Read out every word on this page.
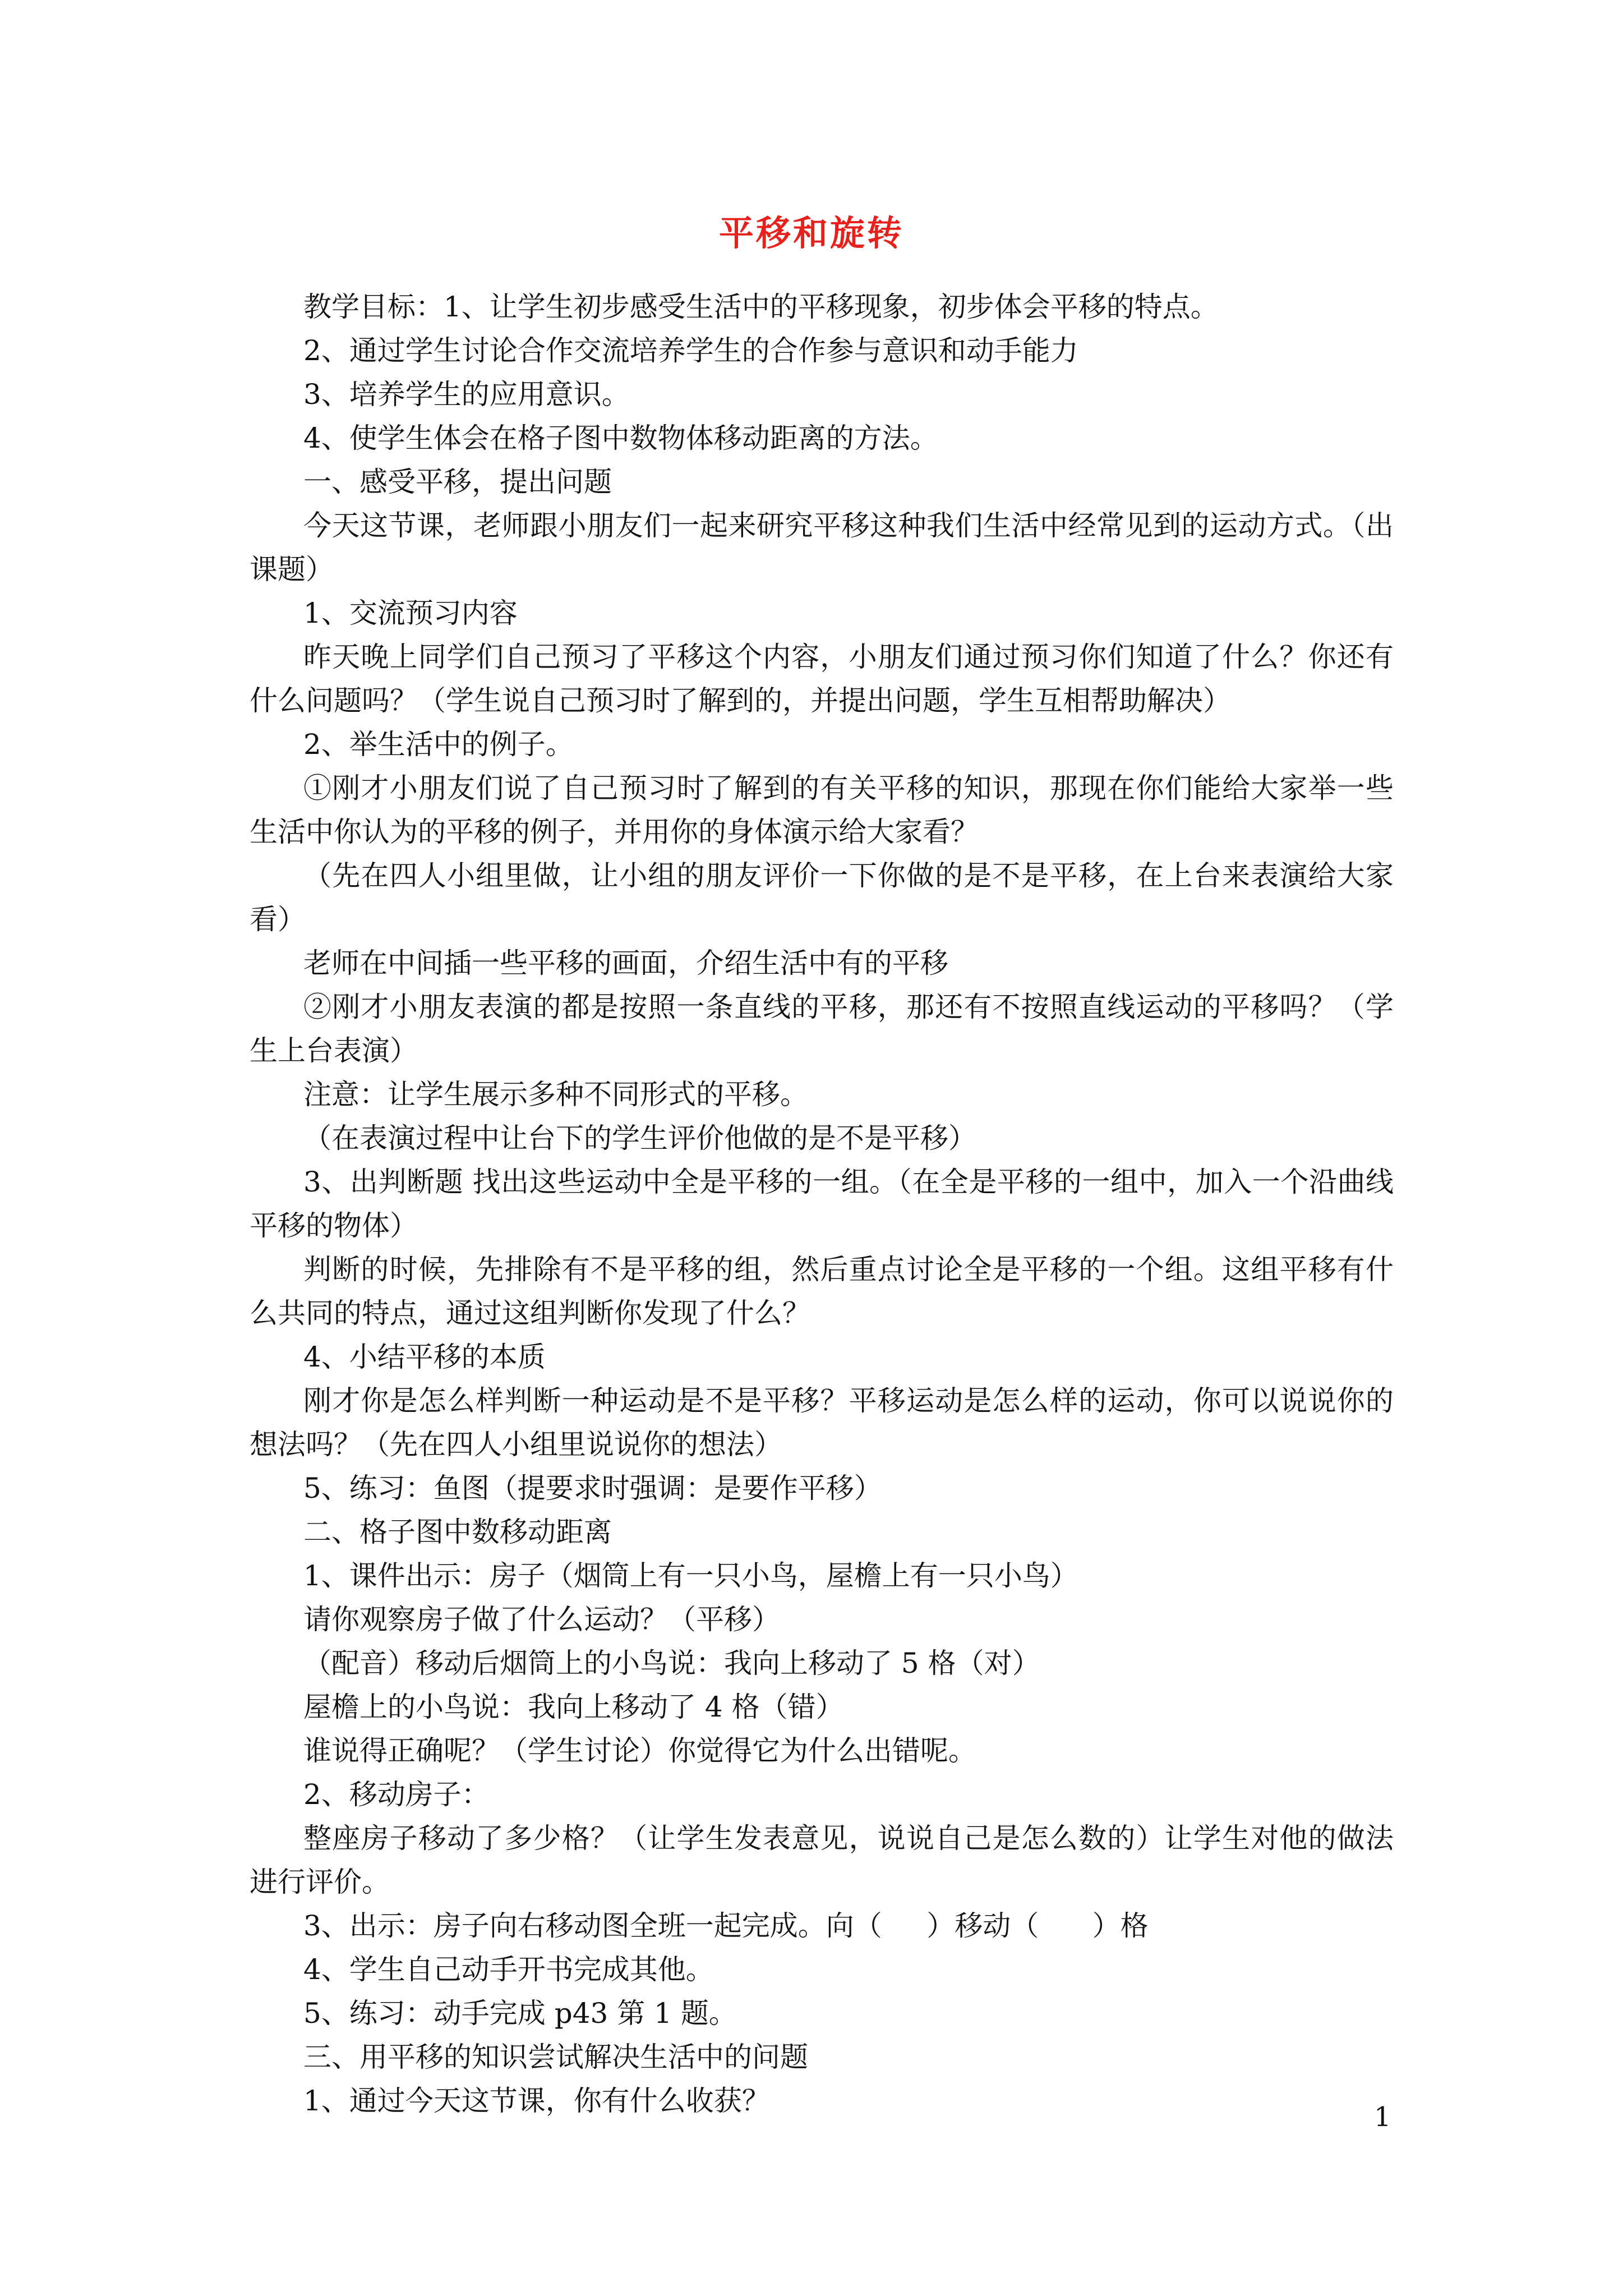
平移和旋转

教学目标：1、让学生初步感受生活中的平移现象，初步体会平移的特点。

2、通过学生讨论合作交流培养学生的合作参与意识和动手能力

3、培养学生的应用意识。

4、使学生体会在格子图中数物体移动距离的方法。

一、感受平移，提出问题

今天这节课，老师跟小朋友们一起来研究平移这种我们生活中经常见到的运动方式。（出课题）

1、交流预习内容

昨天晚上同学们自己预习了平移这个内容，小朋友们通过预习你们知道了什么？你还有什么问题吗？（学生说自己预习时了解到的，并提出问题，学生互相帮助解决）

2、举生活中的例子。

①刚才小朋友们说了自己预习时了解到的有关平移的知识，那现在你们能给大家举一些生活中你认为的平移的例子，并用你的身体演示给大家看？

（先在四人小组里做，让小组的朋友评价一下你做的是不是平移，在上台来表演给大家看）

老师在中间插一些平移的画面，介绍生活中有的平移

②刚才小朋友表演的都是按照一条直线的平移，那还有不按照直线运动的平移吗？（学生上台表演）

注意：让学生展示多种不同形式的平移。

（在表演过程中让台下的学生评价他做的是不是平移）

3、出判断题 找出这些运动中全是平移的一组。（在全是平移的一组中，加入一个沿曲线平移的物体）

判断的时候，先排除有不是平移的组，然后重点讨论全是平移的一个组。这组平移有什么共同的特点，通过这组判断你发现了什么？

4、小结平移的本质

刚才你是怎么样判断一种运动是不是平移？平移运动是怎么样的运动，你可以说说你的想法吗？（先在四人小组里说说你的想法）

5、练习：鱼图（提要求时强调：是要作平移）

二、格子图中数移动距离

1、课件出示：房子（烟筒上有一只小鸟，屋檐上有一只小鸟）

请你观察房子做了什么运动？（平移）

（配音）移动后烟筒上的小鸟说：我向上移动了 5 格（对）

屋檐上的小鸟说：我向上移动了 4 格（错）

谁说得正确呢？（学生讨论）你觉得它为什么出错呢。

2、移动房子：

整座房子移动了多少格？（让学生发表意见，说说自己是怎么数的）让学生对他的做法进行评价。

3、出示：房子向右移动图全班一起完成。向（     ）移动（      ）格

4、学生自己动手开书完成其他。

5、练习：动手完成 p43 第 1 题。

三、用平移的知识尝试解决生活中的问题

1、通过今天这节课，你有什么收获？	1
